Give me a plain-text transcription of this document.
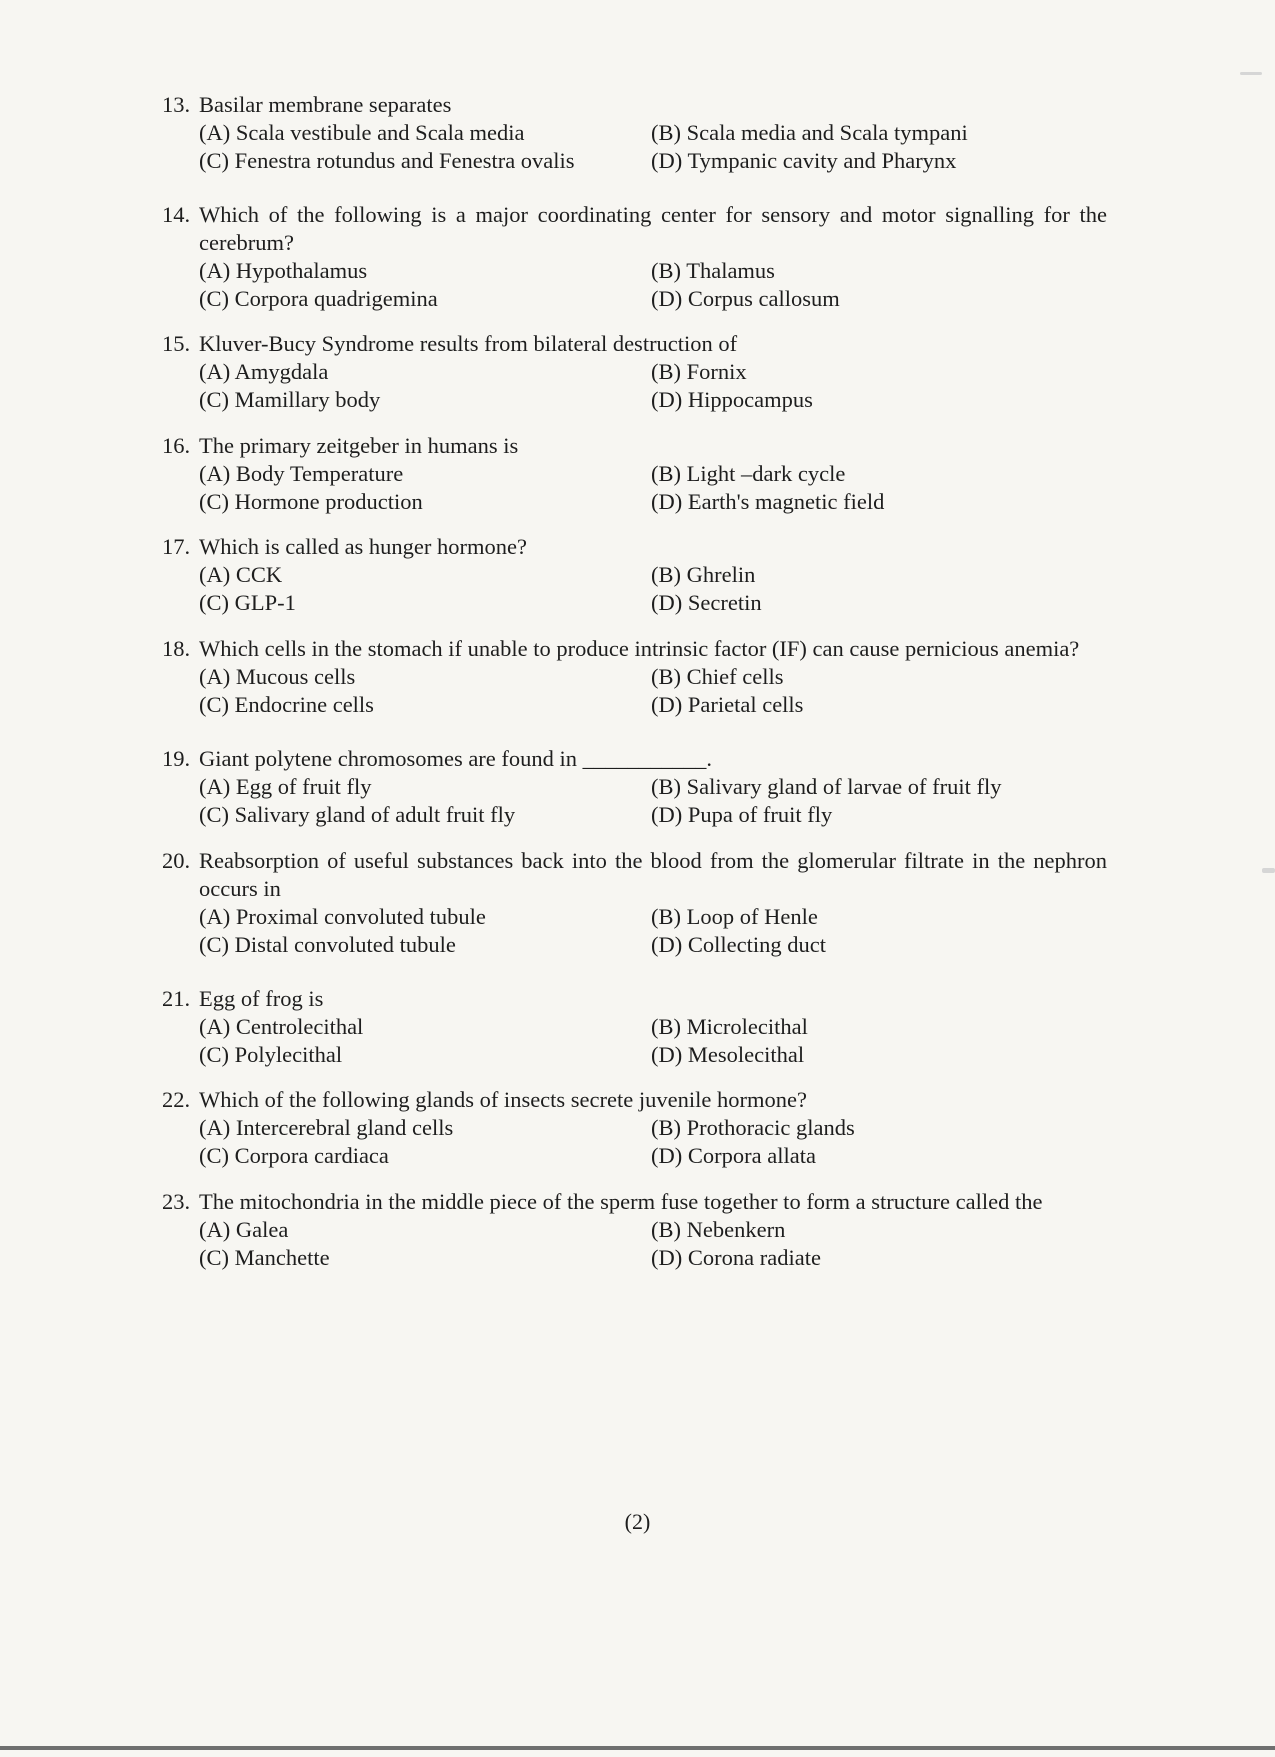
13. Basilar membrane separates
(A) Scala vestibule and Scala media	(B) Scala media and Scala tympani
(C) Fenestra rotundus and Fenestra ovalis	(D) Tympanic cavity and Pharynx
14. Which of the following is a major coordinating center for sensory and motor signalling for the cerebrum?
(A) Hypothalamus	(B) Thalamus
(C) Corpora quadrigemina	(D) Corpus callosum
15. Kluver-Bucy Syndrome results from bilateral destruction of
(A) Amygdala	(B) Fornix
(C) Mamillary body	(D) Hippocampus
16. The primary zeitgeber in humans is
(A) Body Temperature	(B) Light –dark cycle
(C) Hormone production	(D) Earth's magnetic field
17. Which is called as hunger hormone?
(A) CCK	(B) Ghrelin
(C) GLP-1	(D) Secretin
18. Which cells in the stomach if unable to produce intrinsic factor (IF) can cause pernicious anemia?
(A) Mucous cells	(B) Chief cells
(C) Endocrine cells	(D) Parietal cells
19. Giant polytene chromosomes are found in ___________.
(A) Egg of fruit fly	(B) Salivary gland of larvae of fruit fly
(C) Salivary gland of adult fruit fly	(D) Pupa of fruit fly
20. Reabsorption of useful substances back into the blood from the glomerular filtrate in the nephron occurs in
(A) Proximal convoluted tubule	(B) Loop of Henle
(C) Distal convoluted tubule	(D) Collecting duct
21. Egg of frog is
(A) Centrolecithal	(B) Microlecithal
(C) Polylecithal	(D) Mesolecithal
22. Which of the following glands of insects secrete juvenile hormone?
(A) Intercerebral gland cells	(B) Prothoracic glands
(C) Corpora cardiaca	(D) Corpora allata
23. The mitochondria in the middle piece of the sperm fuse together to form a structure called the
(A) Galea	(B) Nebenkern
(C) Manchette	(D) Corona radiate
(2)
